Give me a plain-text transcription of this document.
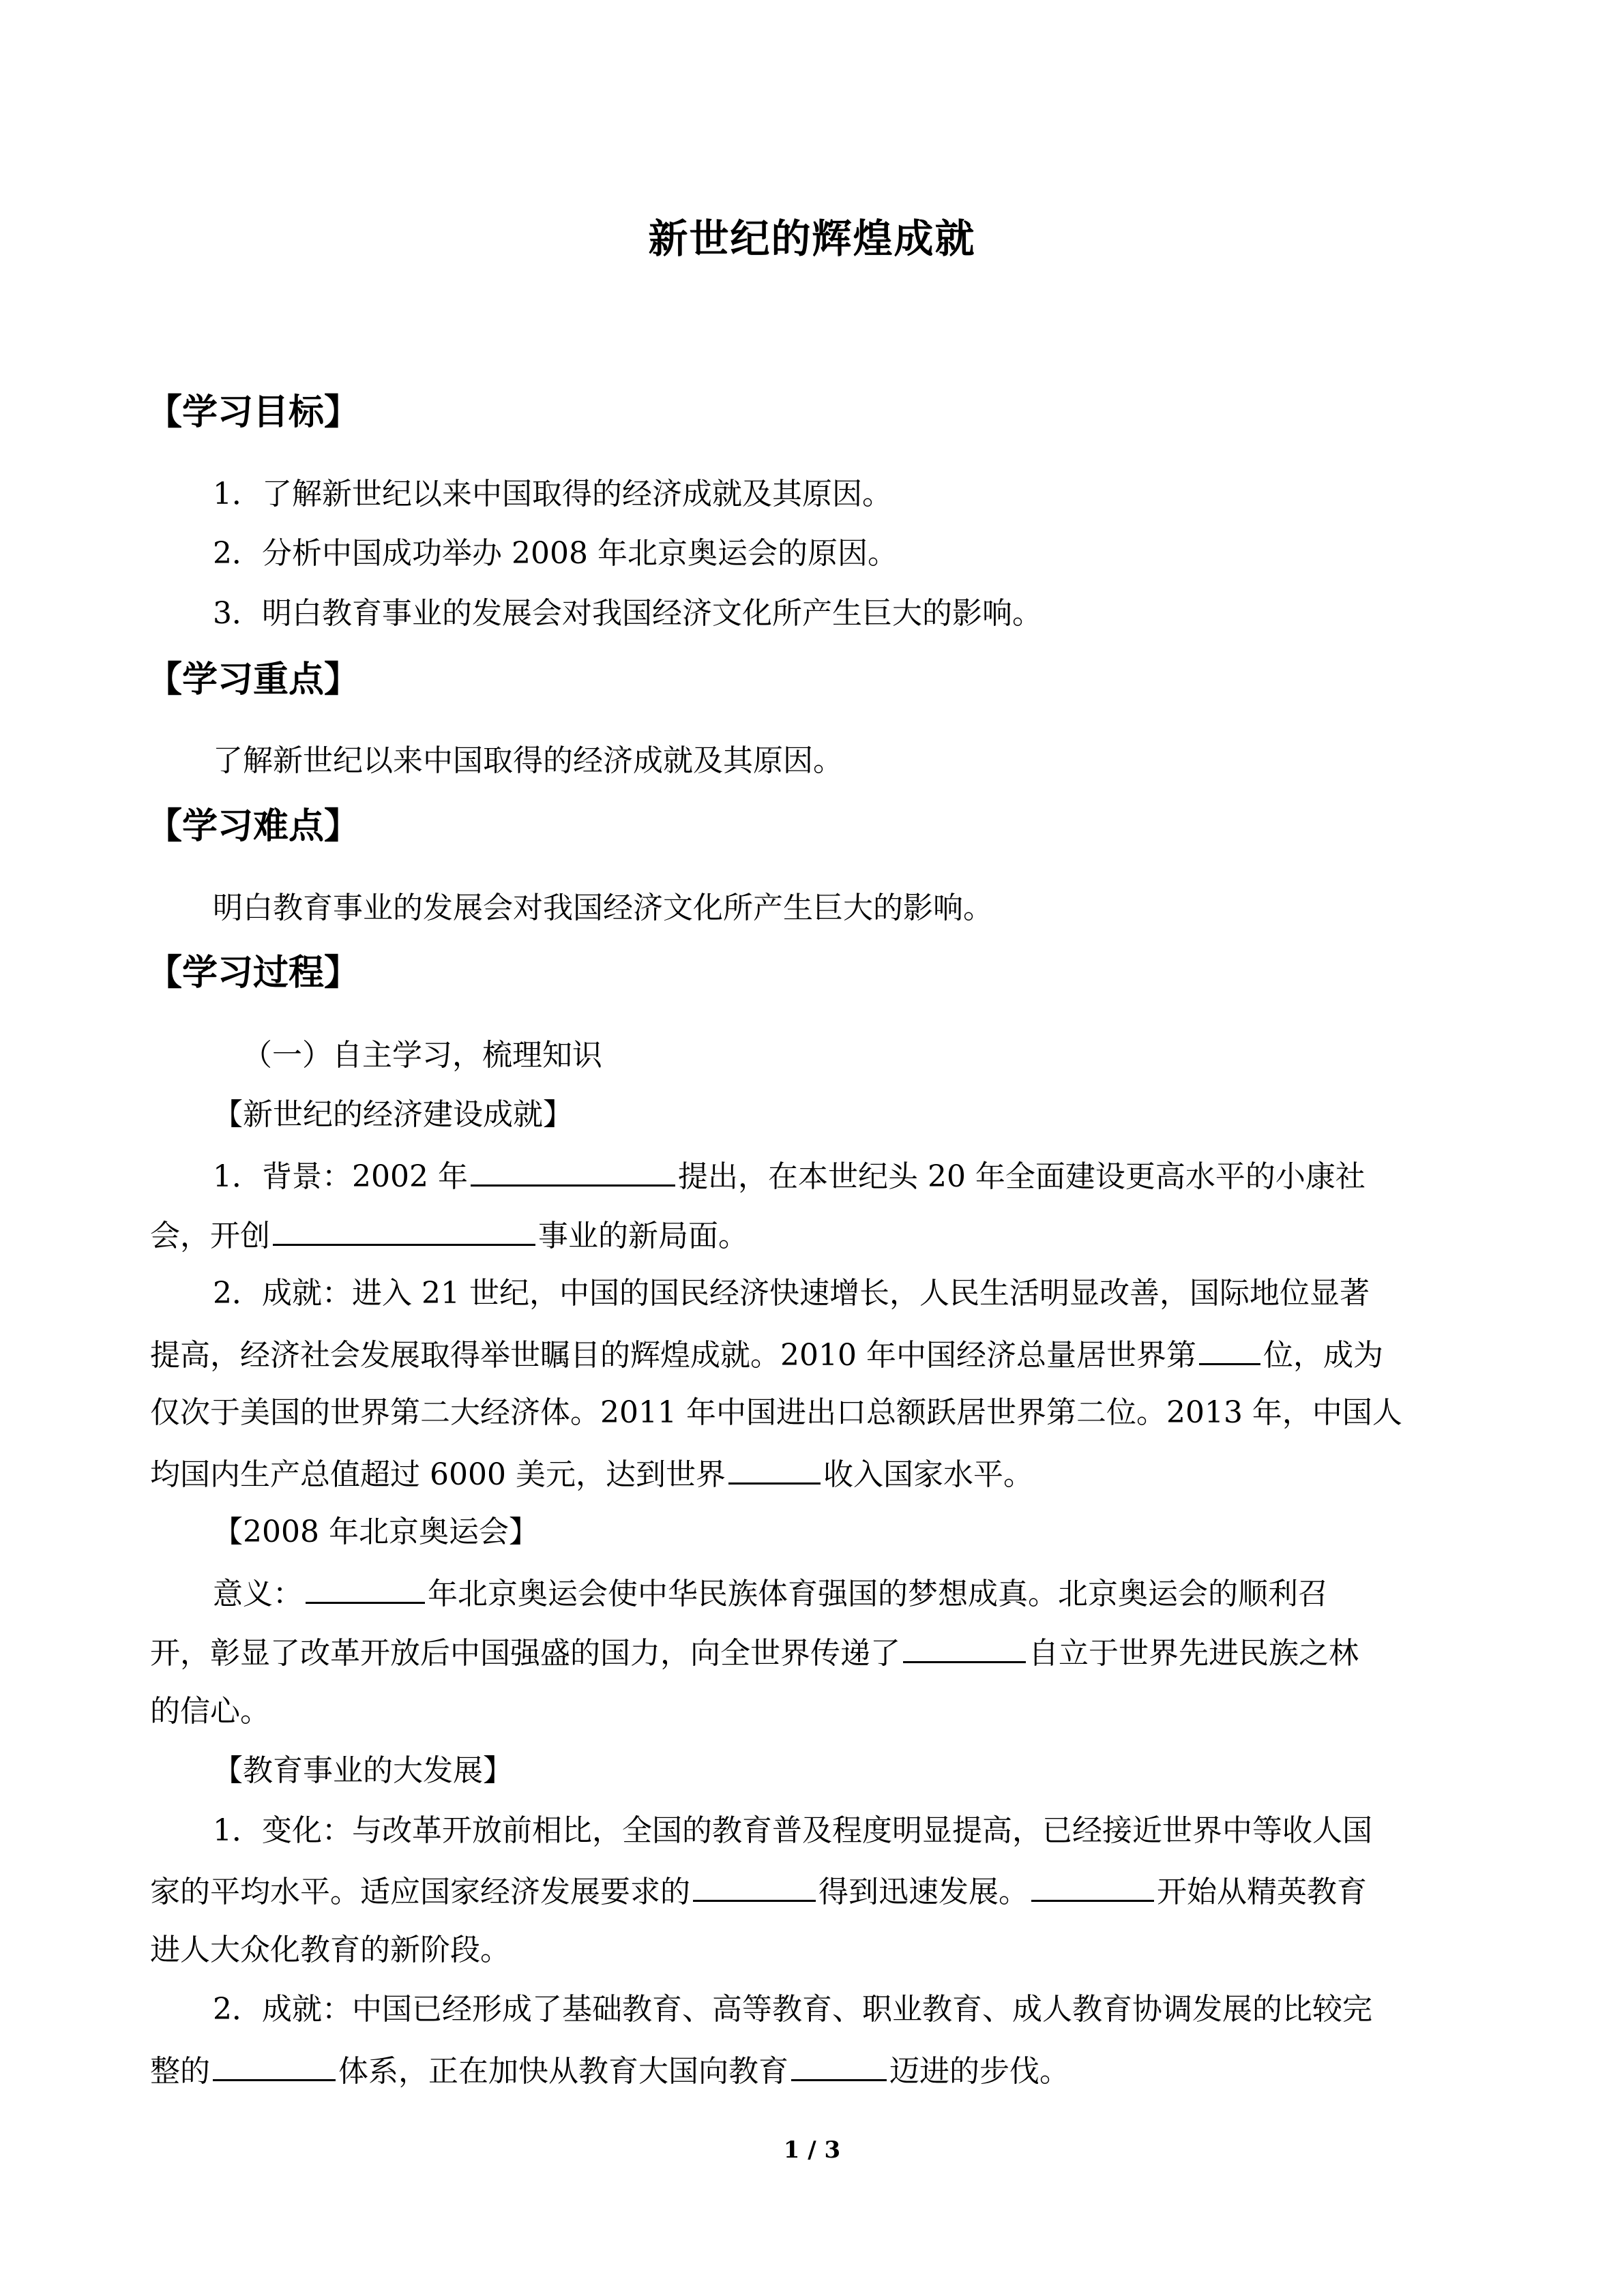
新世纪的辉煌成就
【学习目标】
1．了解新世纪以来中国取得的经济成就及其原因。
2．分析中国成功举办 2008 年北京奥运会的原因。
3．明白教育事业的发展会对我国经济文化所产生巨大的影响。
【学习重点】
了解新世纪以来中国取得的经济成就及其原因。
【学习难点】
明白教育事业的发展会对我国经济文化所产生巨大的影响。
【学习过程】
（一）自主学习，梳理知识
【新世纪的经济建设成就】
1．背景：2002 年	提出，在本世纪头 20 年全面建设更高水平的小康社
会，开创	事业的新局面。
2．成就：进入 21 世纪，中国的国民经济快速增长，人民生活明显改善，国际地位显著
提高，经济社会发展取得举世瞩目的辉煌成就。2010 年中国经济总量居世界第 位，成为
仅次于美国的世界第二大经济体。2011 年中国进出口总额跃居世界第二位。2013 年，中国人
均国内生产总值超过 6000 美元，达到世界	收入国家水平。
【2008 年北京奥运会】
意义：	年北京奥运会使中华民族体育强国的梦想成真。北京奥运会的顺利召
开，彰显了改革开放后中国强盛的国力，向全世界传递了	自立于世界先进民族之林
的信心。
【教育事业的大发展】
1．变化：与改革开放前相比，全国的教育普及程度明显提高，已经接近世界中等收人国
家的平均水平。适应国家经济发展要求的	得到迅速发展。	开始从精英教育
进人大众化教育的新阶段。
2．成就：中国已经形成了基础教育、高等教育、职业教育、成人教育协调发展的比较完
整的	体系，正在加快从教育大国向教育	迈进的步伐。
1 / 3
